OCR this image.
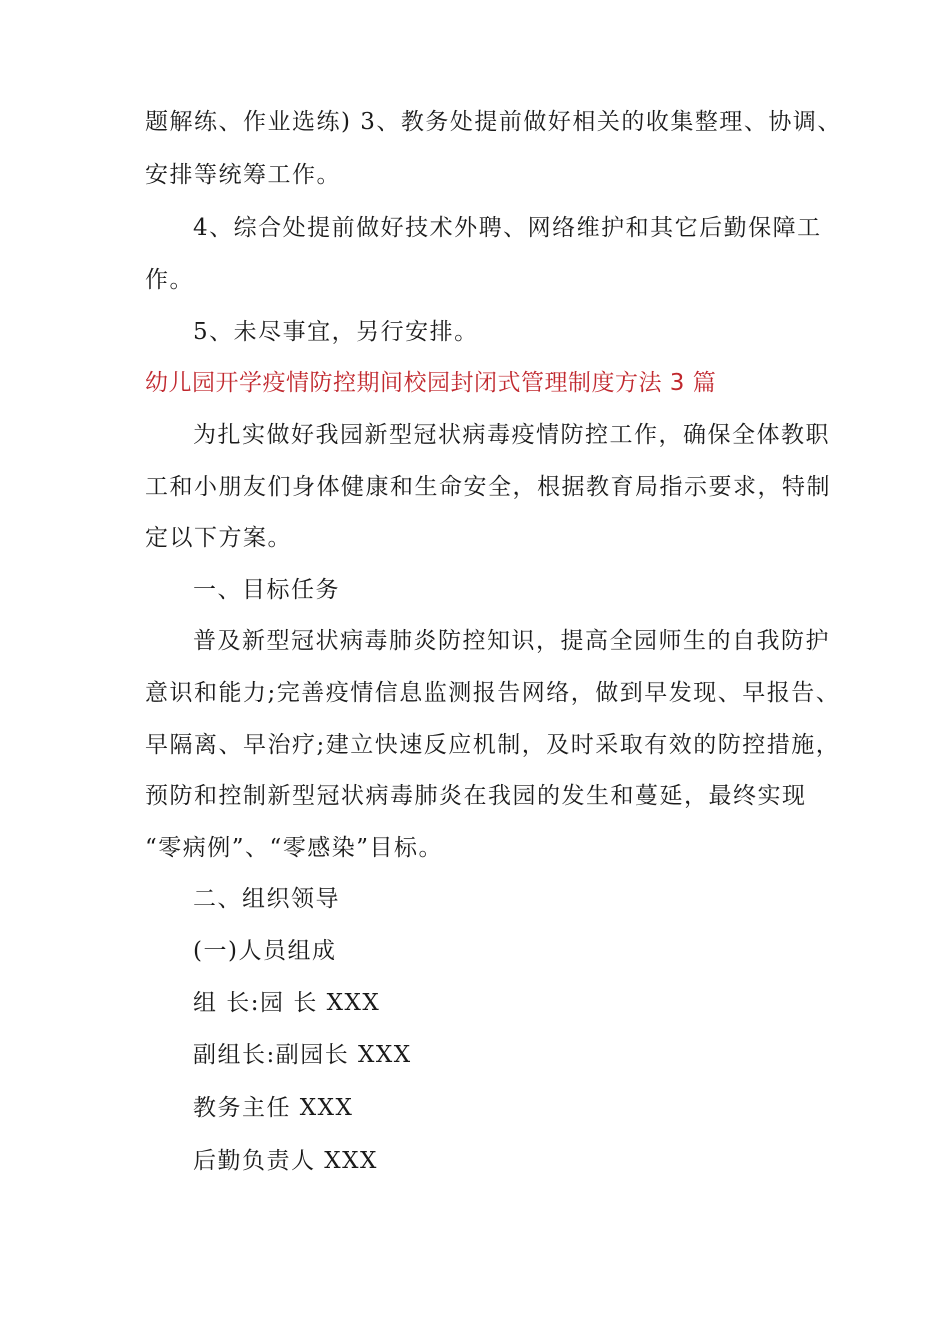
题解练、作业选练) 3、教务处提前做好相关的收集整理、协调、
安排等统筹工作。
4、综合处提前做好技术外聘、网络维护和其它后勤保障工
作。
5、未尽事宜，另行安排。
幼儿园开学疫情防控期间校园封闭式管理制度方法 3 篇
为扎实做好我园新型冠状病毒疫情防控工作，确保全体教职
工和小朋友们身体健康和生命安全，根据教育局指示要求，特制
定以下方案。
一、目标任务
普及新型冠状病毒肺炎防控知识，提高全园师生的自我防护
意识和能力;完善疫情信息监测报告网络，做到早发现、早报告、
早隔离、早治疗;建立快速反应机制，及时采取有效的防控措施，
预防和控制新型冠状病毒肺炎在我园的发生和蔓延，最终实现
“零病例”、“零感染”目标。
二、组织领导
(一)人员组成
组 长:园 长 XXX
副组长:副园长 XXX
教务主任 XXX
后勤负责人 XXX
